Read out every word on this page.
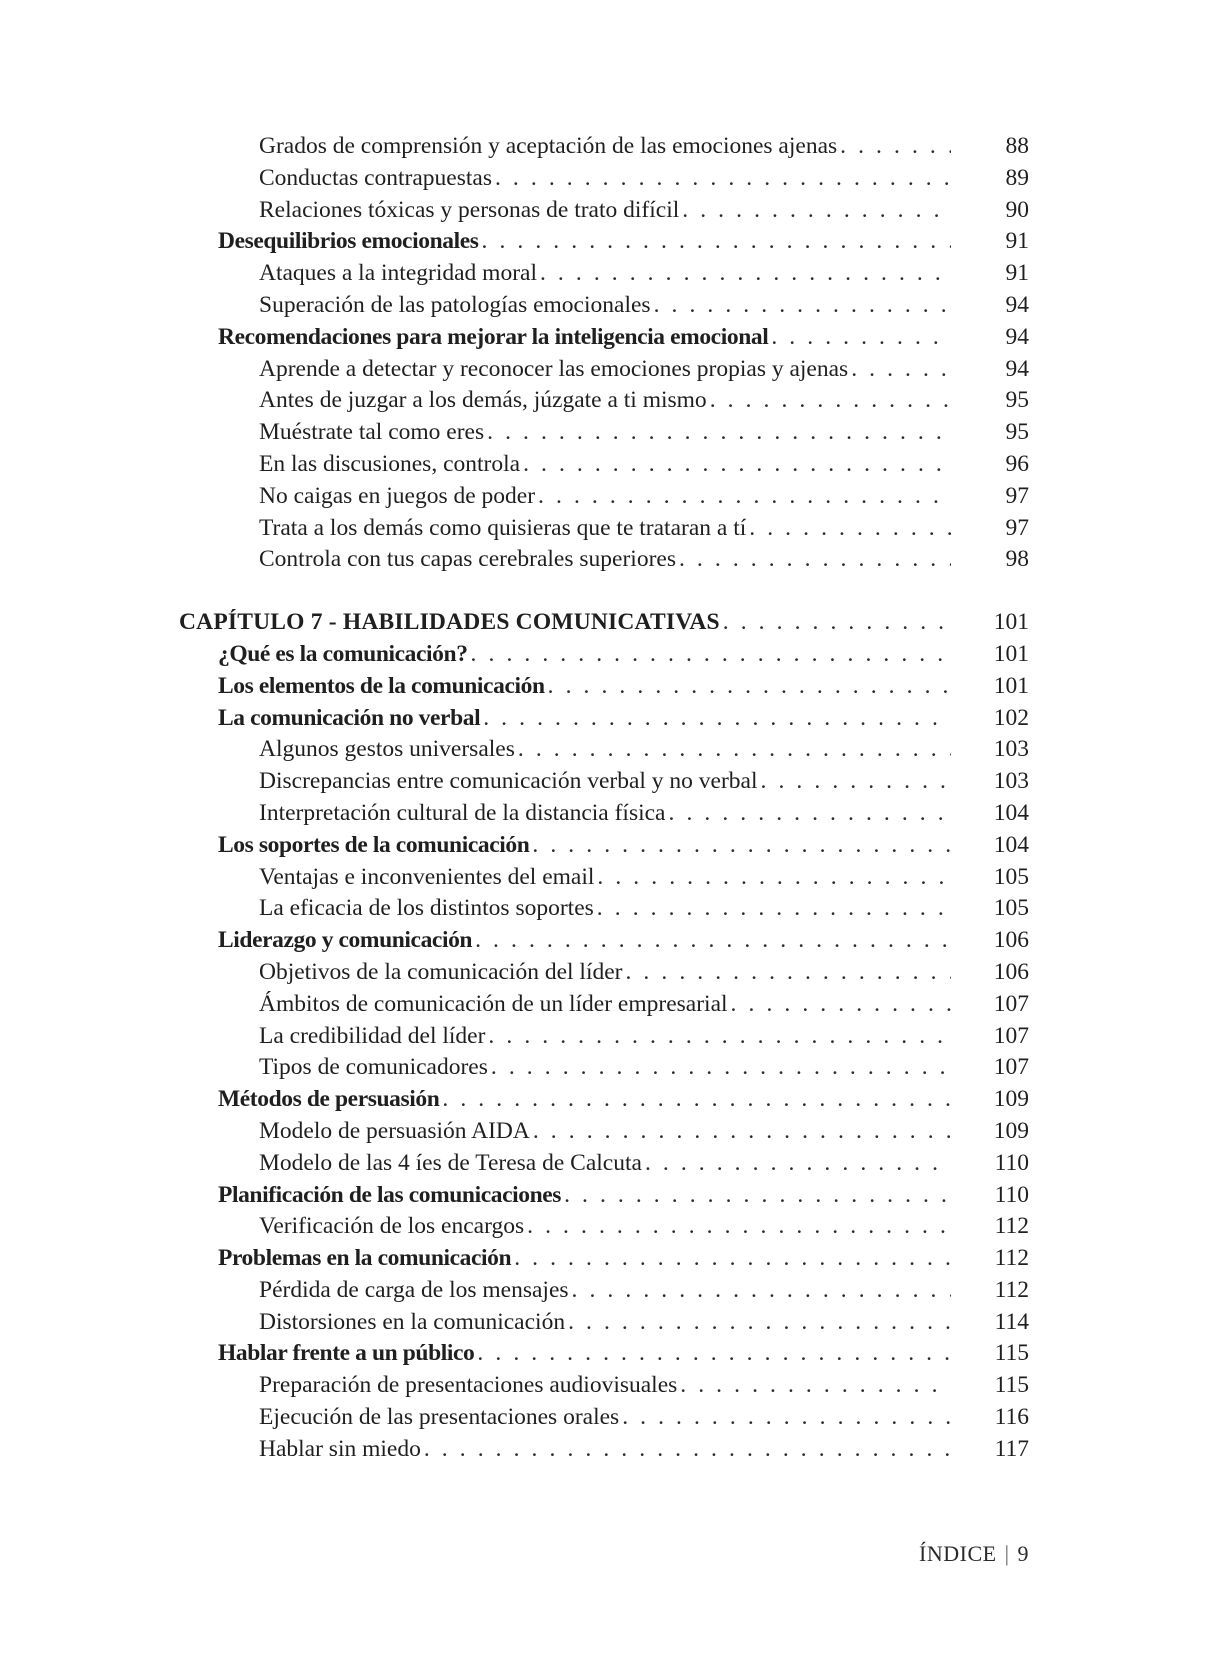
Grados de comprensión y aceptación de las emociones ajenas . . .	88
Conductas contrapuestas . . .	89
Relaciones tóxicas y personas de trato difícil . . .	90
Desequilibrios emocionales . . .	91
Ataques a la integridad moral . . .	91
Superación de las patologías emocionales . . .	94
Recomendaciones para mejorar la inteligencia emocional . . .	94
Aprende a detectar y reconocer las emociones propias y ajenas . . .	94
Antes de juzgar a los demás, júzgate a ti mismo . . .	95
Muéstrate tal como eres . . .	95
En las discusiones, controla . . .	96
No caigas en juegos de poder . . .	97
Trata a los demás como quisieras que te trataran a tí . . .	97
Controla con tus capas cerebrales superiores . . .	98
CAPÍTULO 7 - HABILIDADES COMUNICATIVAS . . .	101
¿Qué es la comunicación? . . .	101
Los elementos de la comunicación . . .	101
La comunicación no verbal . . .	102
Algunos gestos universales . . .	103
Discrepancias entre comunicación verbal y no verbal . . .	103
Interpretación cultural de la distancia física . . .	104
Los soportes de la comunicación . . .	104
Ventajas e inconvenientes del email . . .	105
La eficacia de los distintos soportes . . .	105
Liderazgo y comunicación . . .	106
Objetivos de la comunicación del líder . . .	106
Ámbitos de comunicación de un líder empresarial . . .	107
La credibilidad del líder . . .	107
Tipos de comunicadores . . .	107
Métodos de persuasión . . .	109
Modelo de persuasión AIDA . . .	109
Modelo de las 4 íes de Teresa de Calcuta . . .	110
Planificación de las comunicaciones . . .	110
Verificación de los encargos . . .	112
Problemas en la comunicación . . .	112
Pérdida de carga de los mensajes . . .	112
Distorsiones en la comunicación . . .	114
Hablar frente a un público . . .	115
Preparación de presentaciones audiovisuales . . .	115
Ejecución de las presentaciones orales . . .	116
Hablar sin miedo . . .	117
ÍNDICE | 9
